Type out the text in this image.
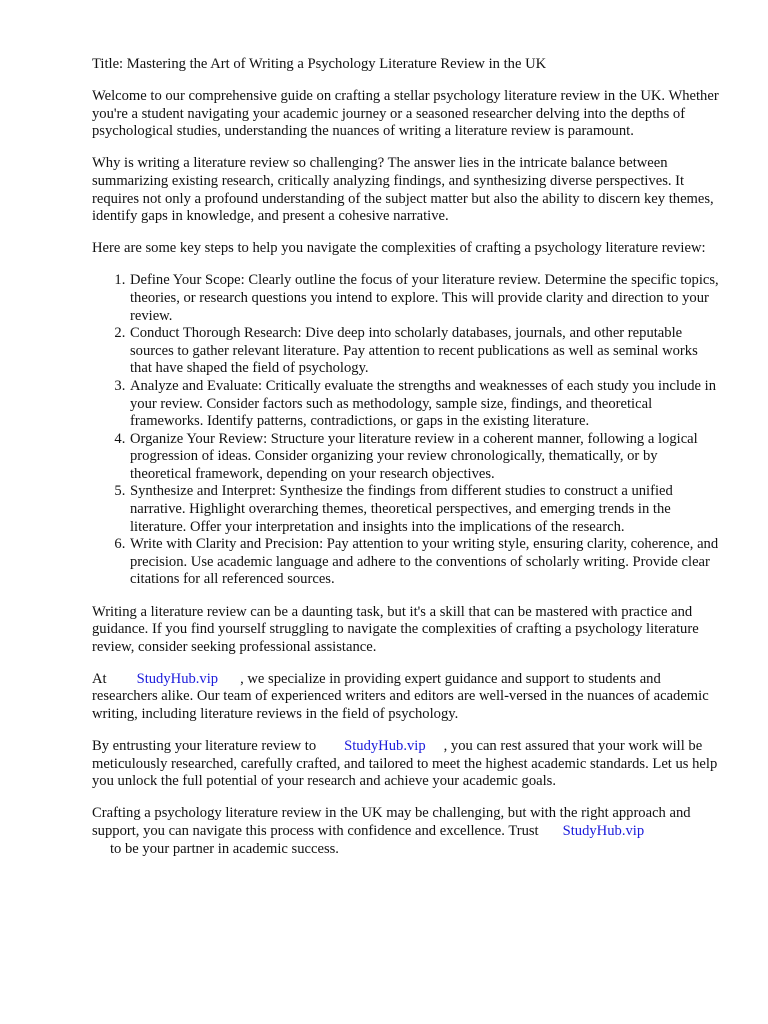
Title: Mastering the Art of Writing a Psychology Literature Review in the UK

Welcome to our comprehensive guide on crafting a stellar psychology literature review in the UK. Whether you're a student navigating your academic journey or a seasoned researcher delving into the depths of psychological studies, understanding the nuances of writing a literature review is paramount.

Why is writing a literature review so challenging? The answer lies in the intricate balance between summarizing existing research, critically analyzing findings, and synthesizing diverse perspectives. It requires not only a profound understanding of the subject matter but also the ability to discern key themes, identify gaps in knowledge, and present a cohesive narrative.

Here are some key steps to help you navigate the complexities of crafting a psychology literature review:

1. Define Your Scope: Clearly outline the focus of your literature review. Determine the specific topics, theories, or research questions you intend to explore. This will provide clarity and direction to your review.
2. Conduct Thorough Research: Dive deep into scholarly databases, journals, and other reputable sources to gather relevant literature. Pay attention to recent publications as well as seminal works that have shaped the field of psychology.
3. Analyze and Evaluate: Critically evaluate the strengths and weaknesses of each study you include in your review. Consider factors such as methodology, sample size, findings, and theoretical frameworks. Identify patterns, contradictions, or gaps in the existing literature.
4. Organize Your Review: Structure your literature review in a coherent manner, following a logical progression of ideas. Consider organizing your review chronologically, thematically, or by theoretical framework, depending on your research objectives.
5. Synthesize and Interpret: Synthesize the findings from different studies to construct a unified narrative. Highlight overarching themes, theoretical perspectives, and emerging trends in the literature. Offer your interpretation and insights into the implications of the research.
6. Write with Clarity and Precision: Pay attention to your writing style, ensuring clarity, coherence, and precision. Use academic language and adhere to the conventions of scholarly writing. Provide clear citations for all referenced sources.

Writing a literature review can be a daunting task, but it's a skill that can be mastered with practice and guidance. If you find yourself struggling to navigate the complexities of crafting a psychology literature review, consider seeking professional assistance.

At StudyHub.vip , we specialize in providing expert guidance and support to students and researchers alike. Our team of experienced writers and editors are well-versed in the nuances of academic writing, including literature reviews in the field of psychology.

By entrusting your literature review to StudyHub.vip , you can rest assured that your work will be meticulously researched, carefully crafted, and tailored to meet the highest academic standards. Let us help you unlock the full potential of your research and achieve your academic goals.

Crafting a psychology literature review in the UK may be challenging, but with the right approach and support, you can navigate this process with confidence and excellence. Trust StudyHub.vip
to be your partner in academic success.
